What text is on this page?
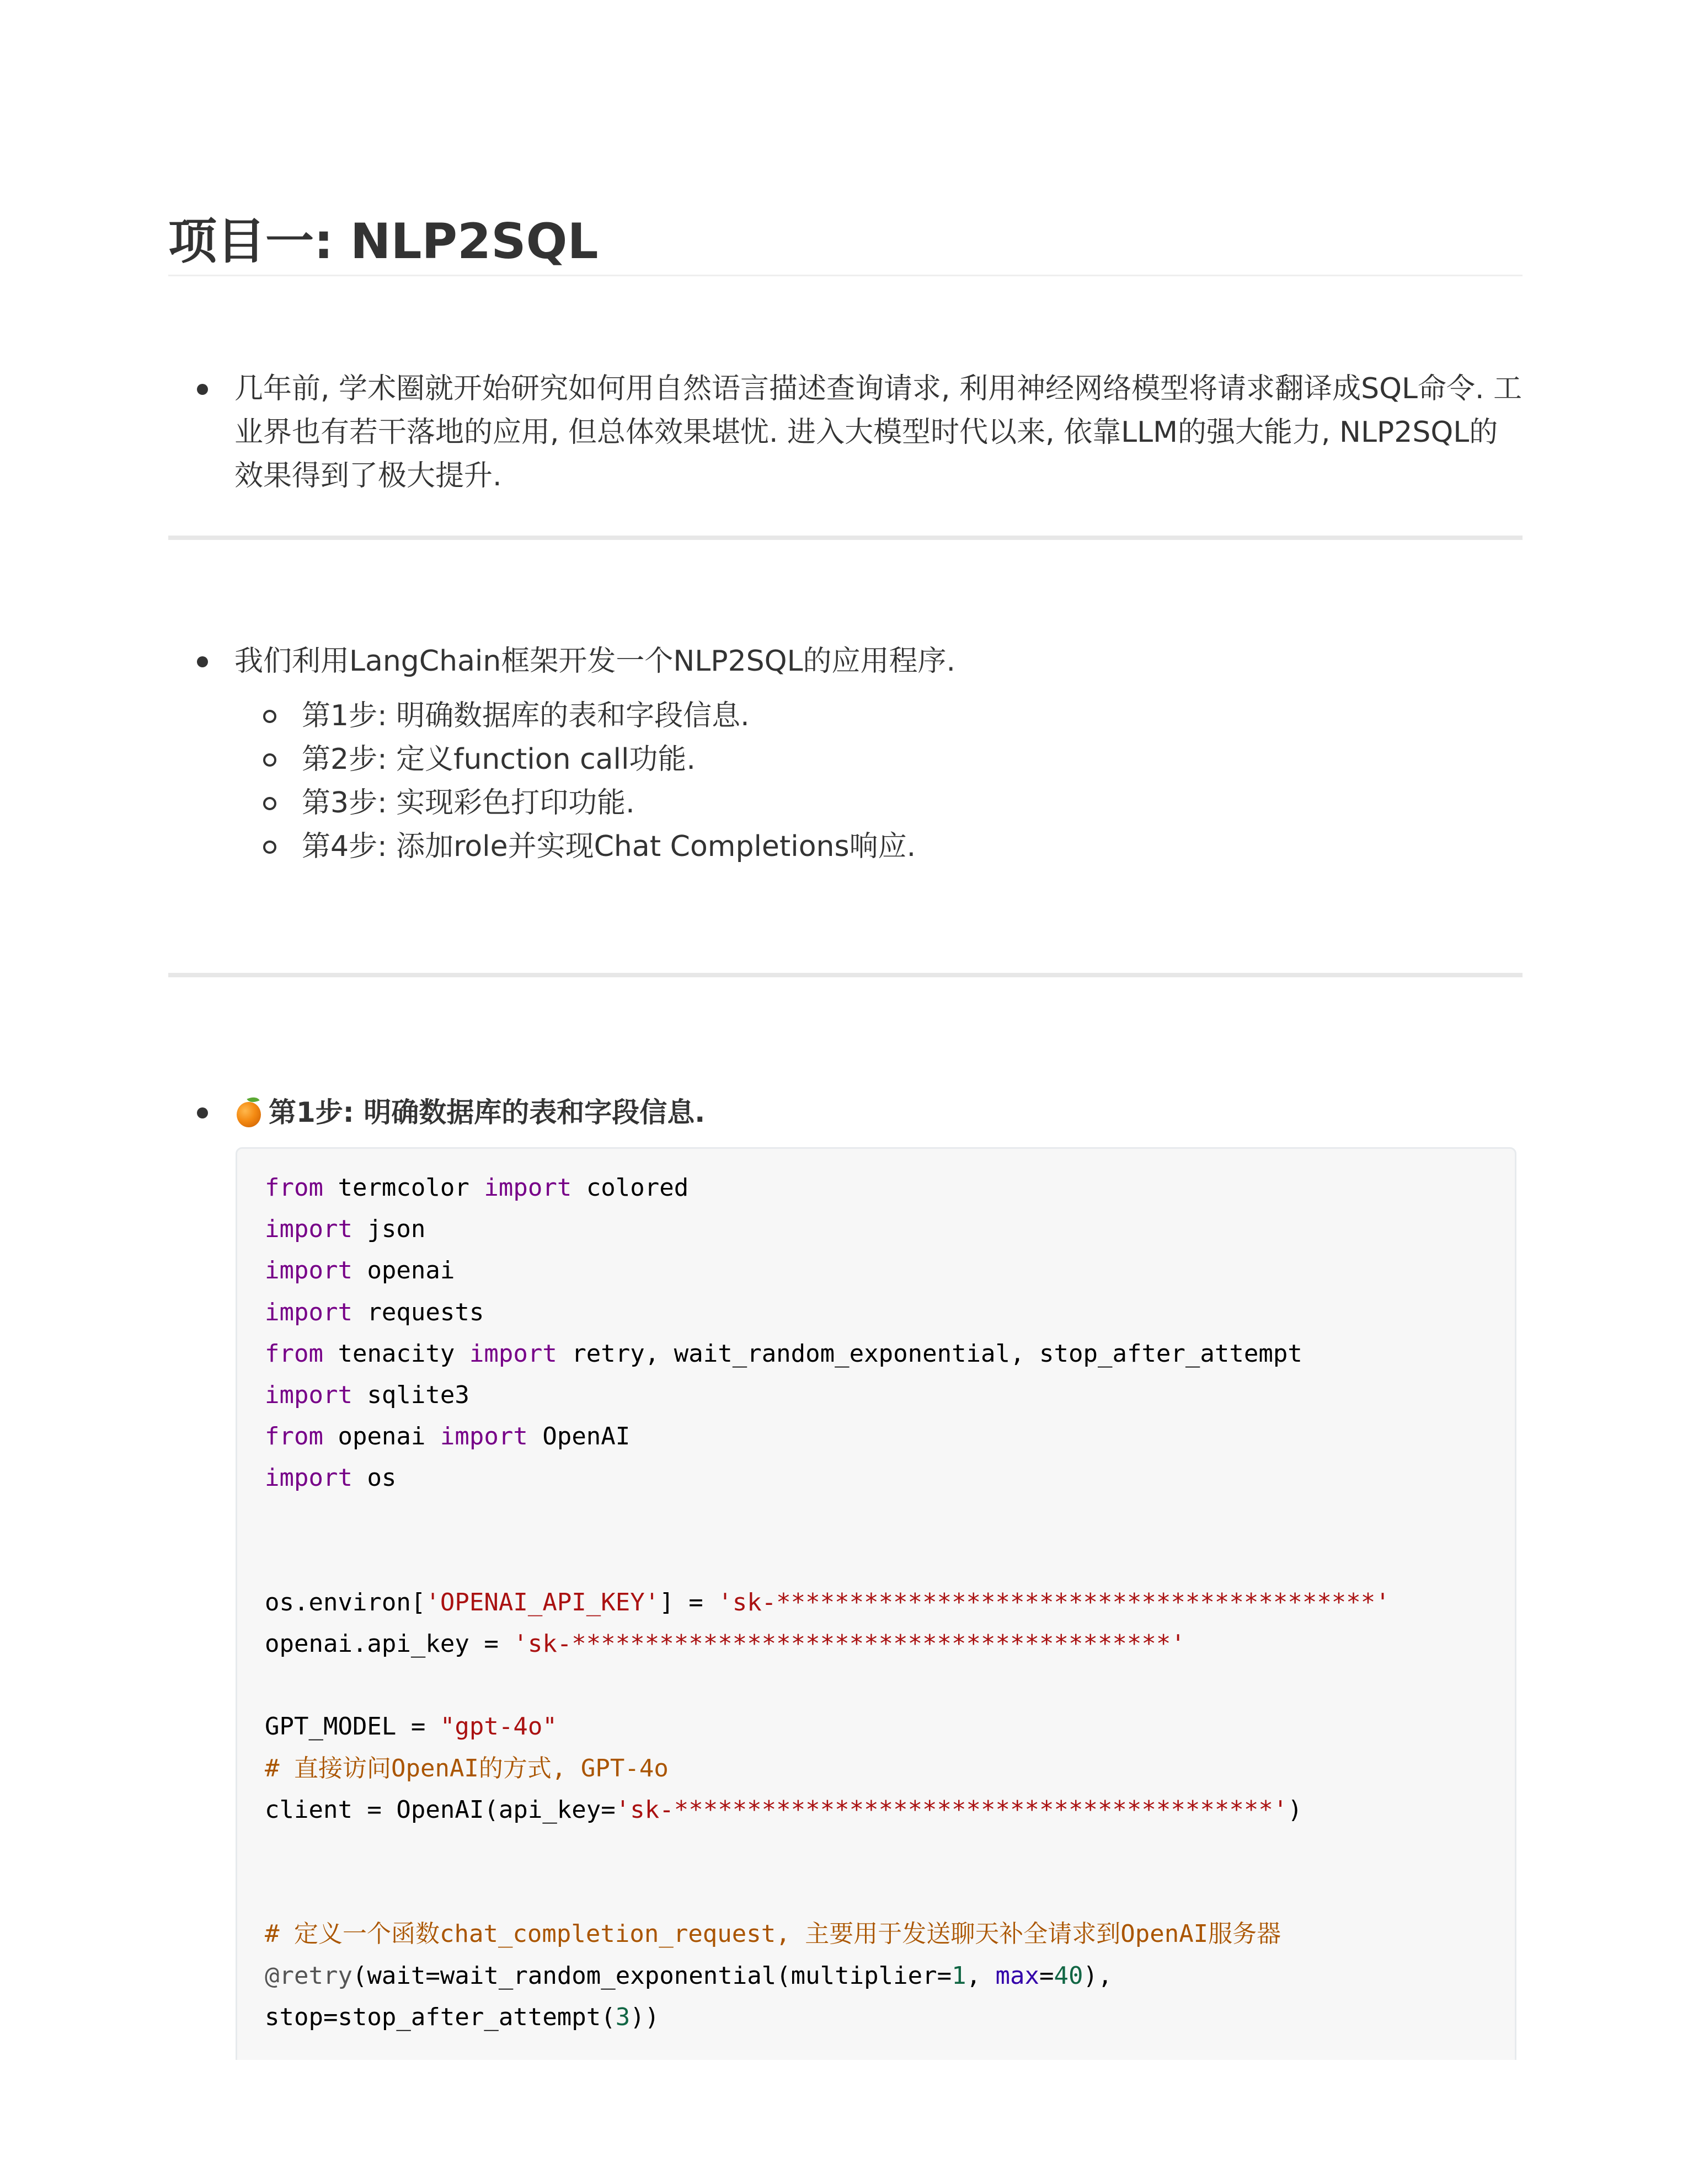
项目一: NLP2SQL
几年前, 学术圈就开始研究如何用自然语言描述查询请求, 利用神经网络模型将请求翻译成SQL命令. 工业界也有若干落地的应用, 但总体效果堪忧. 进入大模型时代以来, 依靠LLM的强大能力, NLP2SQL的效果得到了极大提升.
我们利用LangChain框架开发一个NLP2SQL的应用程序.
第1步: 明确数据库的表和字段信息.
第2步: 定义function call功能.
第3步: 实现彩色打印功能.
第4步: 添加role并实现Chat Completions响应.
第1步: 明确数据库的表和字段信息.
from termcolor import colored
import json
import openai
import requests
from tenacity import retry, wait_random_exponential, stop_after_attempt
import sqlite3
from openai import OpenAI
import os

os.environ['OPENAI_API_KEY'] = 'sk-*****************************************'
openai.api_key = 'sk-*****************************************'

GPT_MODEL = "gpt-4o"
# 直接访问OpenAI的方式, GPT-4o
client = OpenAI(api_key='sk-*****************************************')

# 定义一个函数chat_completion_request, 主要用于发送聊天补全请求到OpenAI服务器
@retry(wait=wait_random_exponential(multiplier=1, max=40),
stop=stop_after_attempt(3))
